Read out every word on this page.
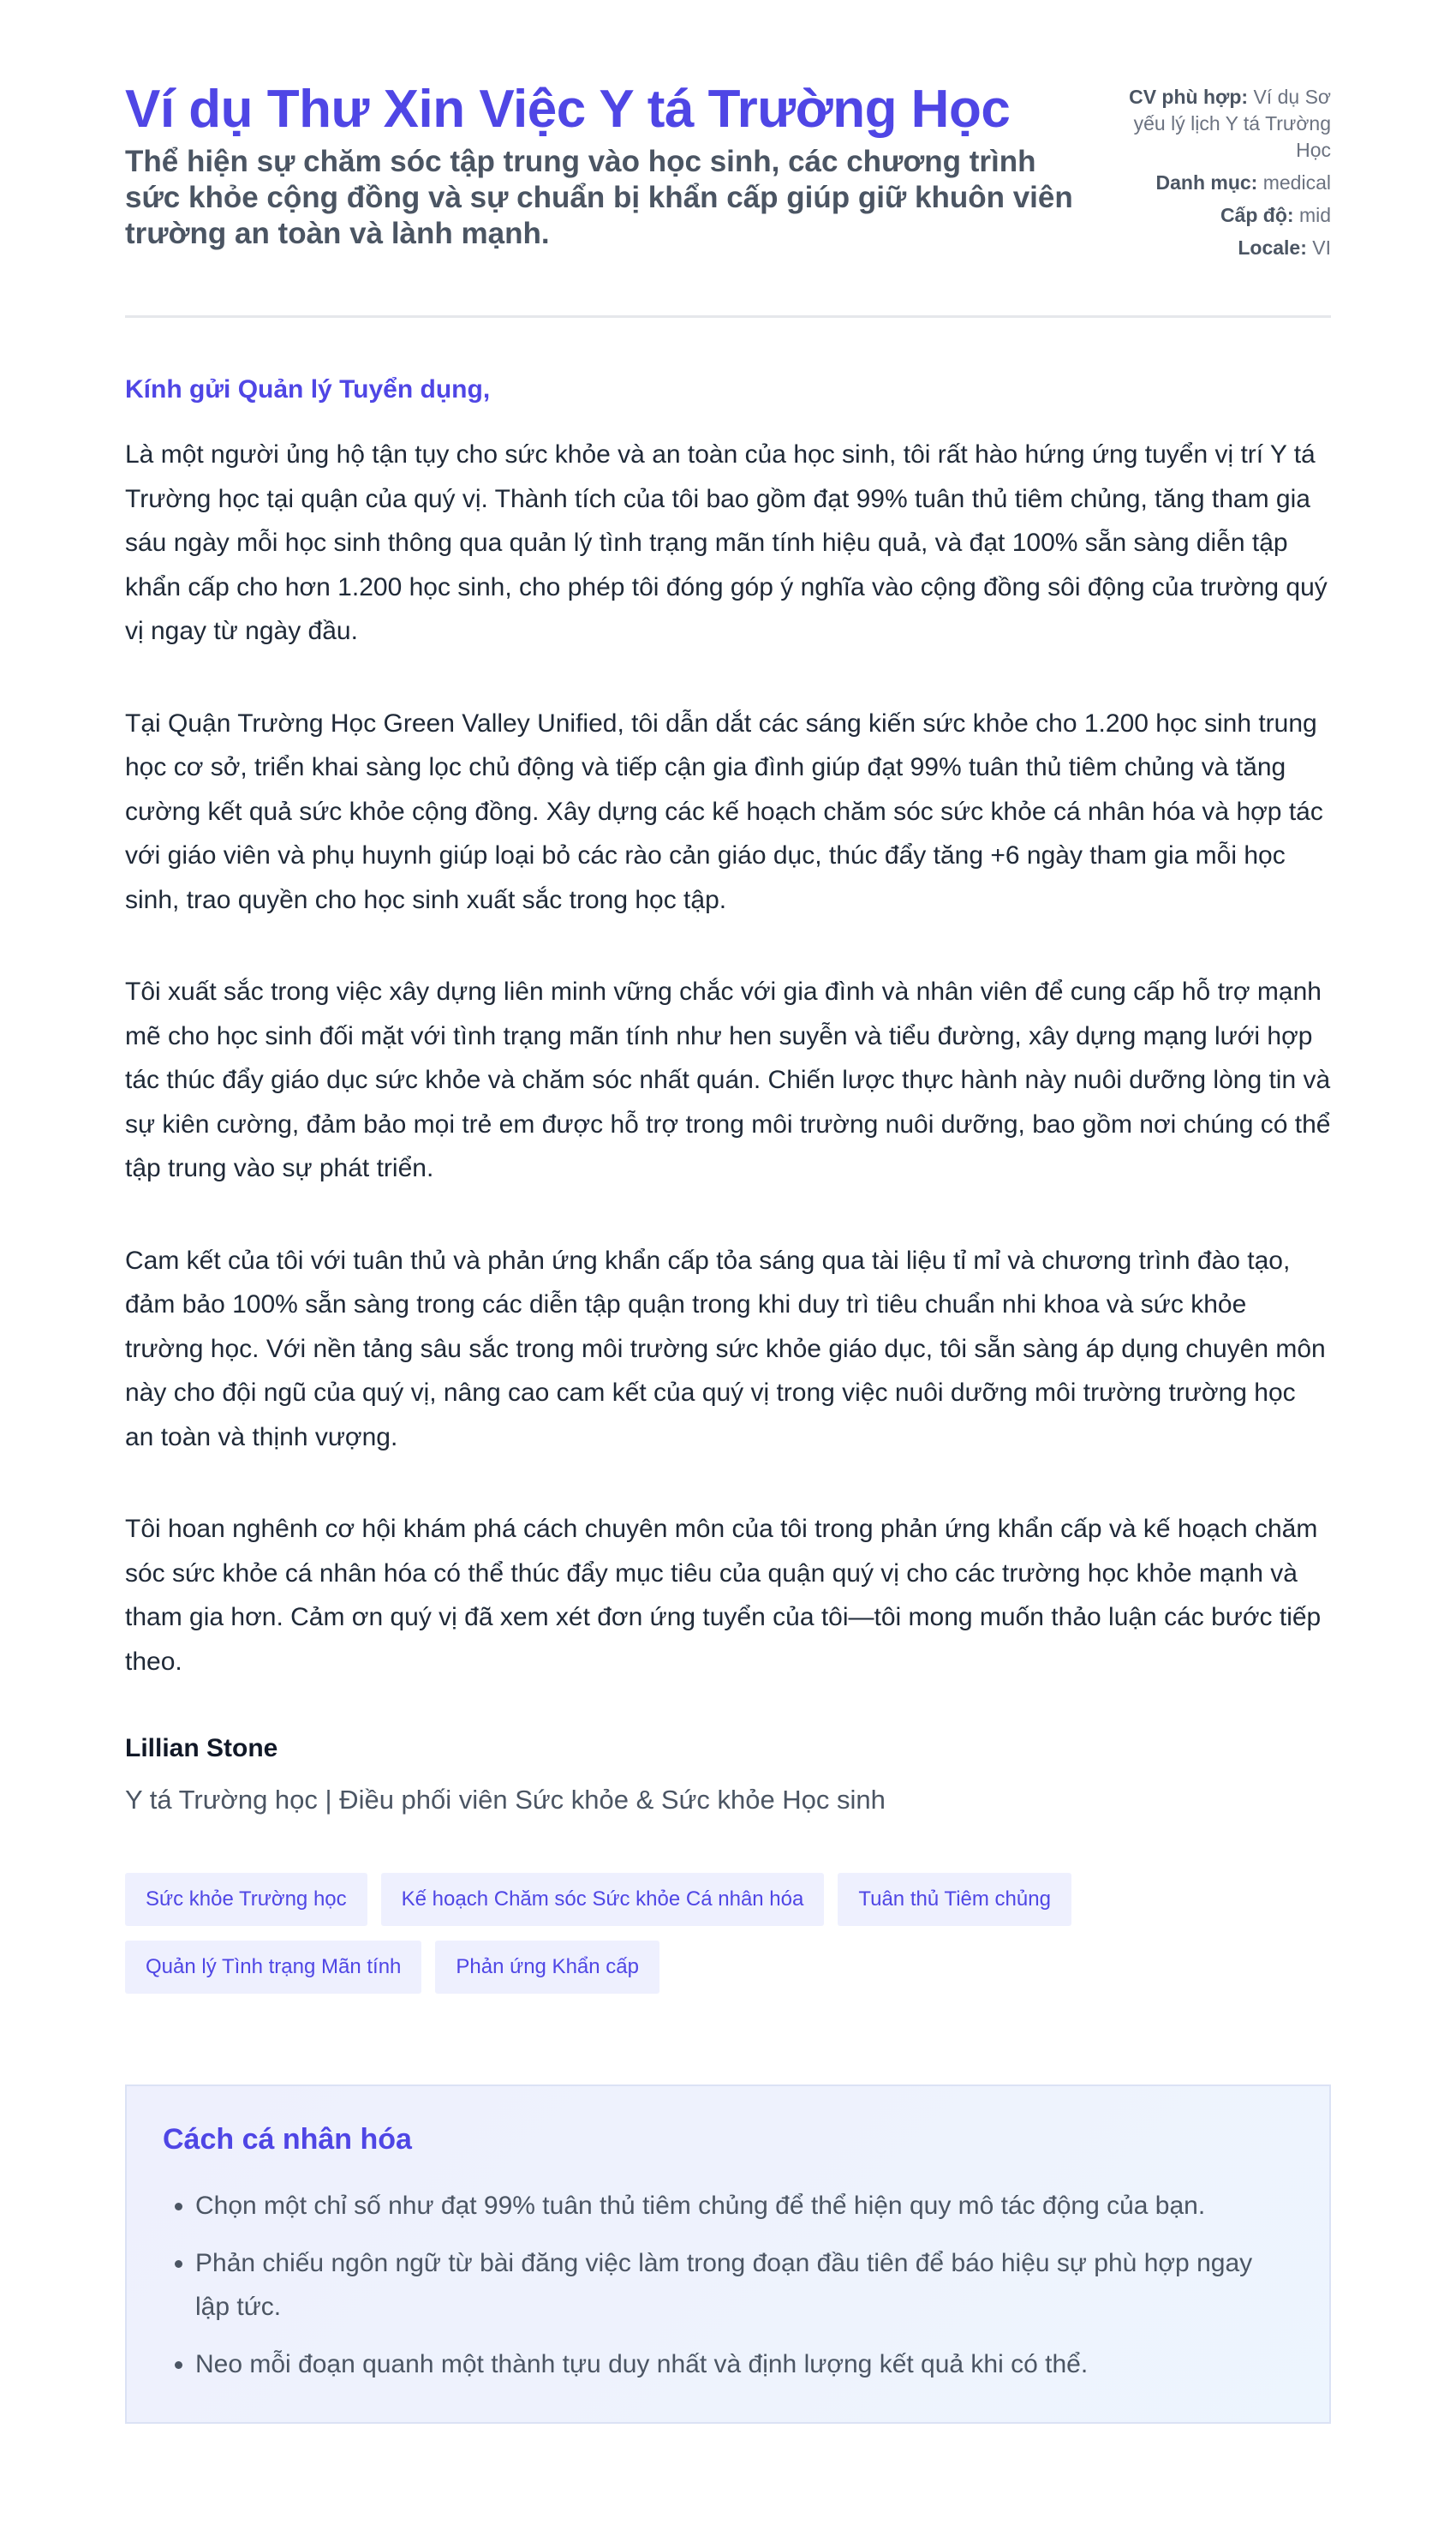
Ví dụ Thư Xin Việc Y tá Trường Học

Thể hiện sự chăm sóc tập trung vào học sinh, các chương trình sức khỏe cộng đồng và sự chuẩn bị khẩn cấp giúp giữ khuôn viên trường an toàn và lành mạnh.

CV phù hợp: Ví dụ Sơ yếu lý lịch Y tá Trường Học
Danh mục: medical
Cấp độ: mid
Locale: VI

Kính gửi Quản lý Tuyển dụng,

Là một người ủng hộ tận tụy cho sức khỏe và an toàn của học sinh, tôi rất hào hứng ứng tuyển vị trí Y tá Trường học tại quận của quý vị. Thành tích của tôi bao gồm đạt 99% tuân thủ tiêm chủng, tăng tham gia sáu ngày mỗi học sinh thông qua quản lý tình trạng mãn tính hiệu quả, và đạt 100% sẵn sàng diễn tập khẩn cấp cho hơn 1.200 học sinh, cho phép tôi đóng góp ý nghĩa vào cộng đồng sôi động của trường quý vị ngay từ ngày đầu.

Tại Quận Trường Học Green Valley Unified, tôi dẫn dắt các sáng kiến sức khỏe cho 1.200 học sinh trung học cơ sở, triển khai sàng lọc chủ động và tiếp cận gia đình giúp đạt 99% tuân thủ tiêm chủng và tăng cường kết quả sức khỏe cộng đồng. Xây dựng các kế hoạch chăm sóc sức khỏe cá nhân hóa và hợp tác với giáo viên và phụ huynh giúp loại bỏ các rào cản giáo dục, thúc đẩy tăng +6 ngày tham gia mỗi học sinh, trao quyền cho học sinh xuất sắc trong học tập.

Tôi xuất sắc trong việc xây dựng liên minh vững chắc với gia đình và nhân viên để cung cấp hỗ trợ mạnh mẽ cho học sinh đối mặt với tình trạng mãn tính như hen suyễn và tiểu đường, xây dựng mạng lưới hợp tác thúc đẩy giáo dục sức khỏe và chăm sóc nhất quán. Chiến lược thực hành này nuôi dưỡng lòng tin và sự kiên cường, đảm bảo mọi trẻ em được hỗ trợ trong môi trường nuôi dưỡng, bao gồm nơi chúng có thể tập trung vào sự phát triển.

Cam kết của tôi với tuân thủ và phản ứng khẩn cấp tỏa sáng qua tài liệu tỉ mỉ và chương trình đào tạo, đảm bảo 100% sẵn sàng trong các diễn tập quận trong khi duy trì tiêu chuẩn nhi khoa và sức khỏe trường học. Với nền tảng sâu sắc trong môi trường sức khỏe giáo dục, tôi sẵn sàng áp dụng chuyên môn này cho đội ngũ của quý vị, nâng cao cam kết của quý vị trong việc nuôi dưỡng môi trường trường học an toàn và thịnh vượng.

Tôi hoan nghênh cơ hội khám phá cách chuyên môn của tôi trong phản ứng khẩn cấp và kế hoạch chăm sóc sức khỏe cá nhân hóa có thể thúc đẩy mục tiêu của quận quý vị cho các trường học khỏe mạnh và tham gia hơn. Cảm ơn quý vị đã xem xét đơn ứng tuyển của tôi—tôi mong muốn thảo luận các bước tiếp theo.

Lillian Stone

Y tá Trường học | Điều phối viên Sức khỏe & Sức khỏe Học sinh

Sức khỏe Trường học	Kế hoạch Chăm sóc Sức khỏe Cá nhân hóa	Tuân thủ Tiêm chủng
Quản lý Tình trạng Mãn tính	Phản ứng Khẩn cấp
Cách cá nhân hóa
• Chọn một chỉ số như đạt 99% tuân thủ tiêm chủng để thể hiện quy mô tác động của bạn.
• Phản chiếu ngôn ngữ từ bài đăng việc làm trong đoạn đầu tiên để báo hiệu sự phù hợp ngay lập tức.
• Neo mỗi đoạn quanh một thành tựu duy nhất và định lượng kết quả khi có thể.
